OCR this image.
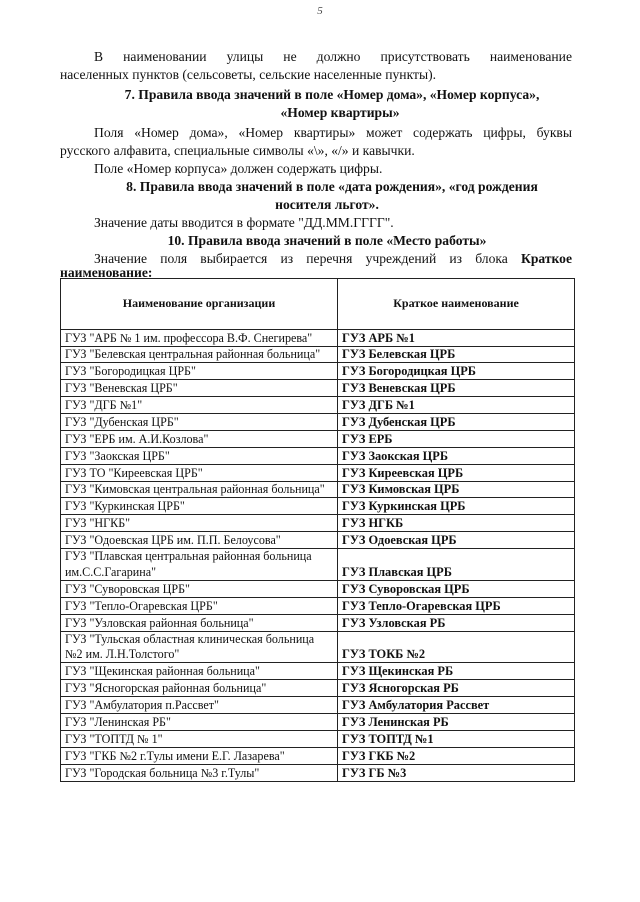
5

В наименовании улицы не должно присутствовать наименование

населенных пунктов (сельсоветы, сельские населенные пункты).

7. Правила ввода значений в поле «Номер дома», «Номер корпуса»,

«Номер квартиры»

Поля «Номер дома», «Номер квартиры» может содержать цифры, буквы

русского алфавита, специальные символы «\», «/» и кавычки.

Поле «Номер корпуса» должен содержать цифры.

8. Правила ввода значений в поле «дата рождения», «год рождения

носителя льгот».

Значение даты вводится в формате "ДД.ММ.ГГГГ".

10. Правила ввода значений в поле «Место работы»

Значение поля выбирается из перечня учреждений из блока Краткое

наименование:

Наименование организации	Краткое наименование
ГУЗ "АРБ № 1 им. профессора В.Ф. Снегирева"	ГУЗ АРБ №1
ГУЗ "Белевская центральная районная больница"	ГУЗ Белевская ЦРБ
ГУЗ "Богородицкая ЦРБ"	ГУЗ Богородицкая ЦРБ
ГУЗ "Веневская ЦРБ"	ГУЗ Веневская ЦРБ
ГУЗ "ДГБ №1"	ГУЗ ДГБ №1
ГУЗ "Дубенская ЦРБ"	ГУЗ Дубенская ЦРБ
ГУЗ "ЕРБ им. А.И.Козлова"	ГУЗ ЕРБ
ГУЗ "Заокская ЦРБ"	ГУЗ Заокская ЦРБ
ГУЗ ТО "Киреевская ЦРБ"	ГУЗ Киреевская ЦРБ
ГУЗ "Кимовская центральная районная больница"	ГУЗ Кимовская ЦРБ
ГУЗ "Куркинская ЦРБ"	ГУЗ Куркинская ЦРБ
ГУЗ "НГКБ"	ГУЗ НГКБ
ГУЗ "Одоевская ЦРБ им. П.П. Белоусова"	ГУЗ Одоевская ЦРБ
ГУЗ "Плавская центральная районная больница им.С.С.Гагарина"	ГУЗ Плавская ЦРБ
ГУЗ "Суворовская ЦРБ"	ГУЗ Суворовская ЦРБ
ГУЗ "Тепло-Огаревская ЦРБ"	ГУЗ Тепло-Огаревская ЦРБ
ГУЗ "Узловская районная больница"	ГУЗ Узловская РБ
ГУЗ "Тульская областная клиническая больница №2 им. Л.Н.Толстого"	ГУЗ ТОКБ №2
ГУЗ "Щекинская районная больница"	ГУЗ Щекинская РБ
ГУЗ "Ясногорская районная больница"	ГУЗ Ясногорская РБ
ГУЗ "Амбулатория п.Рассвет"	ГУЗ Амбулатория Рассвет
ГУЗ "Ленинская РБ"	ГУЗ Ленинская РБ
ГУЗ "ТОПТД № 1"	ГУЗ ТОПТД №1
ГУЗ "ГКБ №2 г.Тулы имени Е.Г. Лазарева"	ГУЗ ГКБ №2
ГУЗ "Городская больница №3 г.Тулы"	ГУЗ ГБ №3
